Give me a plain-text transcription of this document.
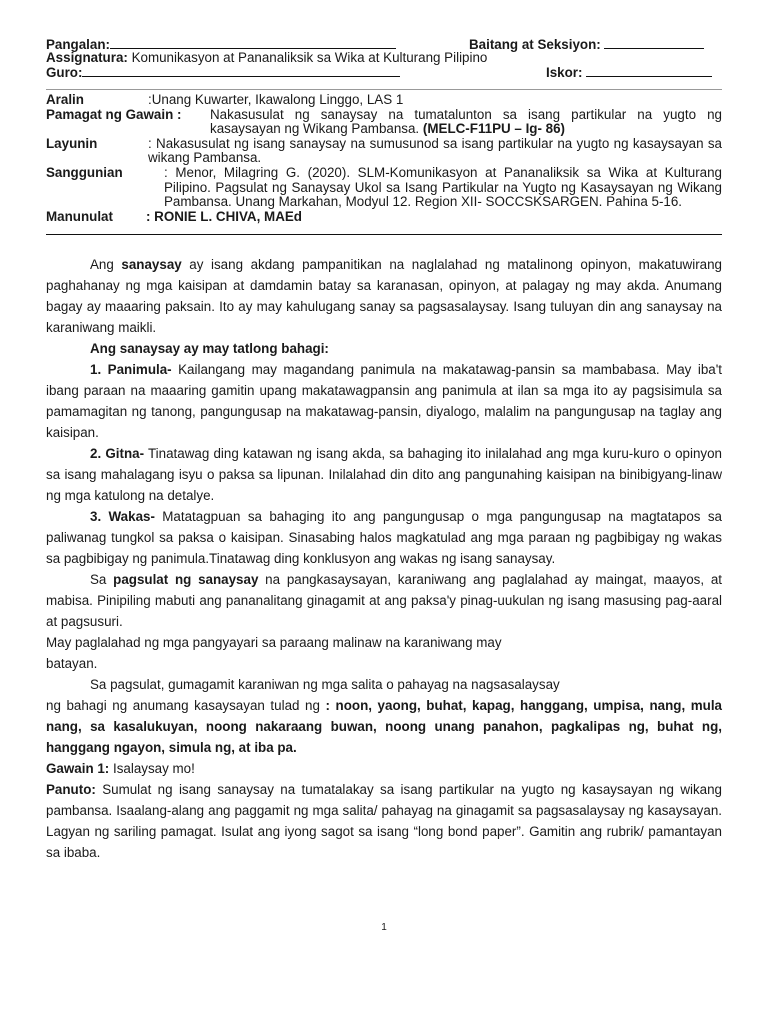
Pangalan:	Baitang at Seksiyon:
Assignatura: Komunikasyon at Pananaliksik sa Wika at Kulturang Pilipino
Guro:	Iskor:
Aralin	:Unang Kuwarter, Ikawalong Linggo, LAS 1
Pamagat ng Gawain :	Nakasusulat ng sanaysay na tumatalunton sa isang partikular na yugto ng kasaysayan ng Wikang Pambansa. (MELC-F11PU – Ig- 86)
Layunin	: Nakasusulat ng isang sanaysay na sumusunod sa isang partikular na yugto ng kasaysayan sa wikang Pambansa.
Sanggunian	: Menor, Milagring G. (2020). SLM-Komunikasyon at Pananaliksik sa Wika at Kulturang Pilipino. Pagsulat ng Sanaysay Ukol sa Isang Partikular na Yugto ng Kasaysayan ng Wikang Pambansa. Unang Markahan, Modyul 12. Region XII- SOCCSKSARGEN. Pahina 5-16.
Manunulat	: RONIE L. CHIVA, MAEd

Ang sanaysay ay isang akdang pampanitikan na naglalahad ng matalinong opinyon, makatuwirang paghahanay ng mga kaisipan at damdamin batay sa karanasan, opinyon, at palagay ng may akda. Anumang bagay ay maaaring paksain. Ito ay may kahulugang sanay sa pagsasalaysay. Isang tuluyan din ang sanaysay na karaniwang maikli.

Ang sanaysay ay may tatlong bahagi:

1. Panimula- Kailangang may magandang panimula na makatawag-pansin sa mambabasa. May iba't ibang paraan na maaaring gamitin upang makatawagpansin ang panimula at ilan sa mga ito ay pagsisimula sa pamamagitan ng tanong, pangungusap na makatawag-pansin, diyalogo, malalim na pangungusap na taglay ang kaisipan.

2. Gitna- Tinatawag ding katawan ng isang akda, sa bahaging ito inilalahad ang mga kuru-kuro o opinyon sa isang mahalagang isyu o paksa sa lipunan. Inilalahad din dito ang pangunahing kaisipan na binibigyang-linaw ng mga katulong na detalye.

3. Wakas- Matatagpuan sa bahaging ito ang pangungusap o mga pangungusap na magtatapos sa paliwanag tungkol sa paksa o kaisipan. Sinasabing halos magkatulad ang mga paraan ng pagbibigay ng wakas sa pagbibigay ng panimula.Tinatawag ding konklusyon ang wakas ng isang sanaysay.

Sa pagsulat ng sanaysay na pangkasaysayan, karaniwang ang paglalahad ay maingat, maayos, at mabisa. Pinipiling mabuti ang pananalitang ginagamit at ang paksa'y pinag-uukulan ng isang masusing pag-aaral at pagsusuri.

May paglalahad ng mga pangyayari sa paraang malinaw na karaniwang may

batayan.

Sa pagsulat, gumagamit karaniwan ng mga salita o pahayag na nagsasalaysay

ng bahagi ng anumang kasaysayan tulad ng : noon, yaong, buhat, kapag, hanggang, umpisa, nang, mula nang, sa kasalukuyan, noong nakaraang buwan, noong unang panahon, pagkalipas ng, buhat ng, hanggang ngayon, simula ng, at iba pa.

Gawain 1: Isalaysay mo!

Panuto: Sumulat ng isang sanaysay na tumatalakay sa isang partikular na yugto ng kasaysayan ng wikang pambansa. Isaalang-alang ang paggamit ng mga salita/ pahayag na ginagamit sa pagsasalaysay ng kasaysayan. Lagyan ng sariling pamagat. Isulat ang iyong sagot sa isang “long bond paper”. Gamitin ang rubrik/ pamantayan sa ibaba.

1
